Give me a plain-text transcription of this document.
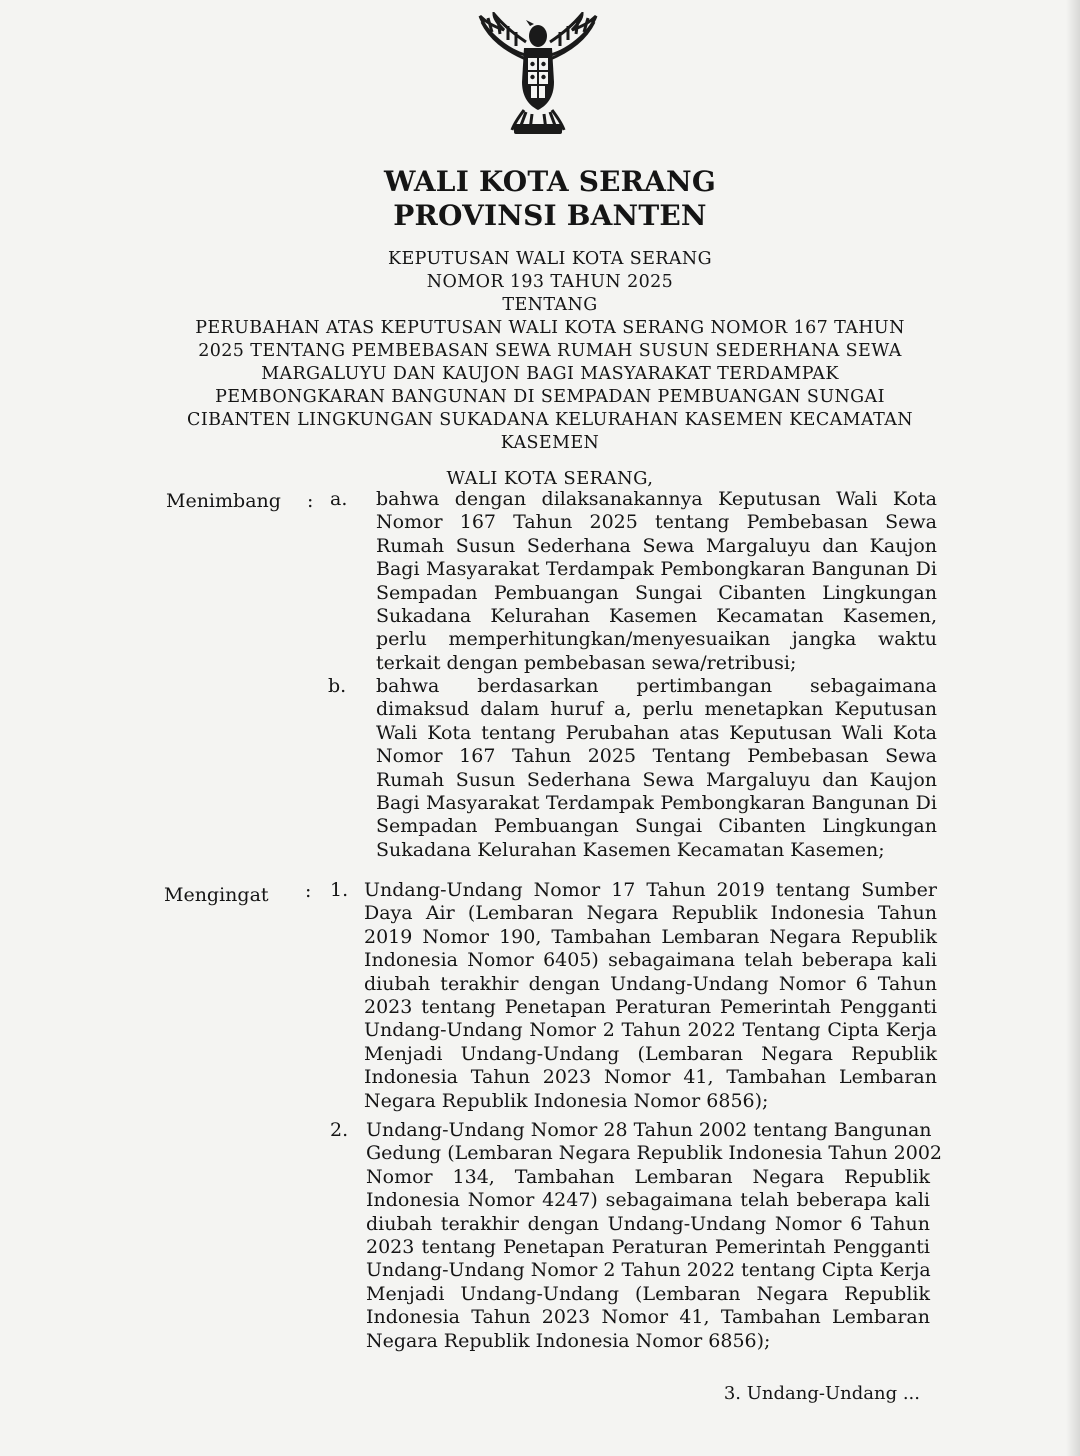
WALI KOTA SERANG
PROVINSI BANTEN
KEPUTUSAN WALI KOTA SERANG
NOMOR 193 TAHUN 2025
TENTANG
PERUBAHAN ATAS KEPUTUSAN WALI KOTA SERANG NOMOR 167 TAHUN
2025 TENTANG PEMBEBASAN SEWA RUMAH SUSUN SEDERHANA SEWA
MARGALUYU DAN KAUJON BAGI MASYARAKAT TERDAMPAK
PEMBONGKARAN BANGUNAN DI SEMPADAN PEMBUANGAN SUNGAI
CIBANTEN LINGKUNGAN SUKADANA KELURAHAN KASEMEN KECAMATAN
KASEMEN
WALI KOTA SERANG,
Menimbang : a. bahwa dengan dilaksanakannya Keputusan Wali Kota
Nomor 167 Tahun 2025 tentang Pembebasan Sewa
Rumah Susun Sederhana Sewa Margaluyu dan Kaujon
Bagi Masyarakat Terdampak Pembongkaran Bangunan Di
Sempadan Pembuangan Sungai Cibanten Lingkungan
Sukadana Kelurahan Kasemen Kecamatan Kasemen,
perlu memperhitungkan/menyesuaikan jangka waktu
terkait dengan pembebasan sewa/retribusi;
b. bahwa berdasarkan pertimbangan sebagaimana
dimaksud dalam huruf a, perlu menetapkan Keputusan
Wali Kota tentang Perubahan atas Keputusan Wali Kota
Nomor 167 Tahun 2025 Tentang Pembebasan Sewa
Rumah Susun Sederhana Sewa Margaluyu dan Kaujon
Bagi Masyarakat Terdampak Pembongkaran Bangunan Di
Sempadan Pembuangan Sungai Cibanten Lingkungan
Sukadana Kelurahan Kasemen Kecamatan Kasemen;
Mengingat : 1. Undang-Undang Nomor 17 Tahun 2019 tentang Sumber
Daya Air (Lembaran Negara Republik Indonesia Tahun
2019 Nomor 190, Tambahan Lembaran Negara Republik
Indonesia Nomor 6405) sebagaimana telah beberapa kali
diubah terakhir dengan Undang-Undang Nomor 6 Tahun
2023 tentang Penetapan Peraturan Pemerintah Pengganti
Undang-Undang Nomor 2 Tahun 2022 Tentang Cipta Kerja
Menjadi Undang-Undang (Lembaran Negara Republik
Indonesia Tahun 2023 Nomor 41, Tambahan Lembaran
Negara Republik Indonesia Nomor 6856);
2. Undang-Undang Nomor 28 Tahun 2002 tentang Bangunan
Gedung (Lembaran Negara Republik Indonesia Tahun 2002
Nomor 134, Tambahan Lembaran Negara Republik
Indonesia Nomor 4247) sebagaimana telah beberapa kali
diubah terakhir dengan Undang-Undang Nomor 6 Tahun
2023 tentang Penetapan Peraturan Pemerintah Pengganti
Undang-Undang Nomor 2 Tahun 2022 tentang Cipta Kerja
Menjadi Undang-Undang (Lembaran Negara Republik
Indonesia Tahun 2023 Nomor 41, Tambahan Lembaran
Negara Republik Indonesia Nomor 6856);
3. Undang-Undang ...
